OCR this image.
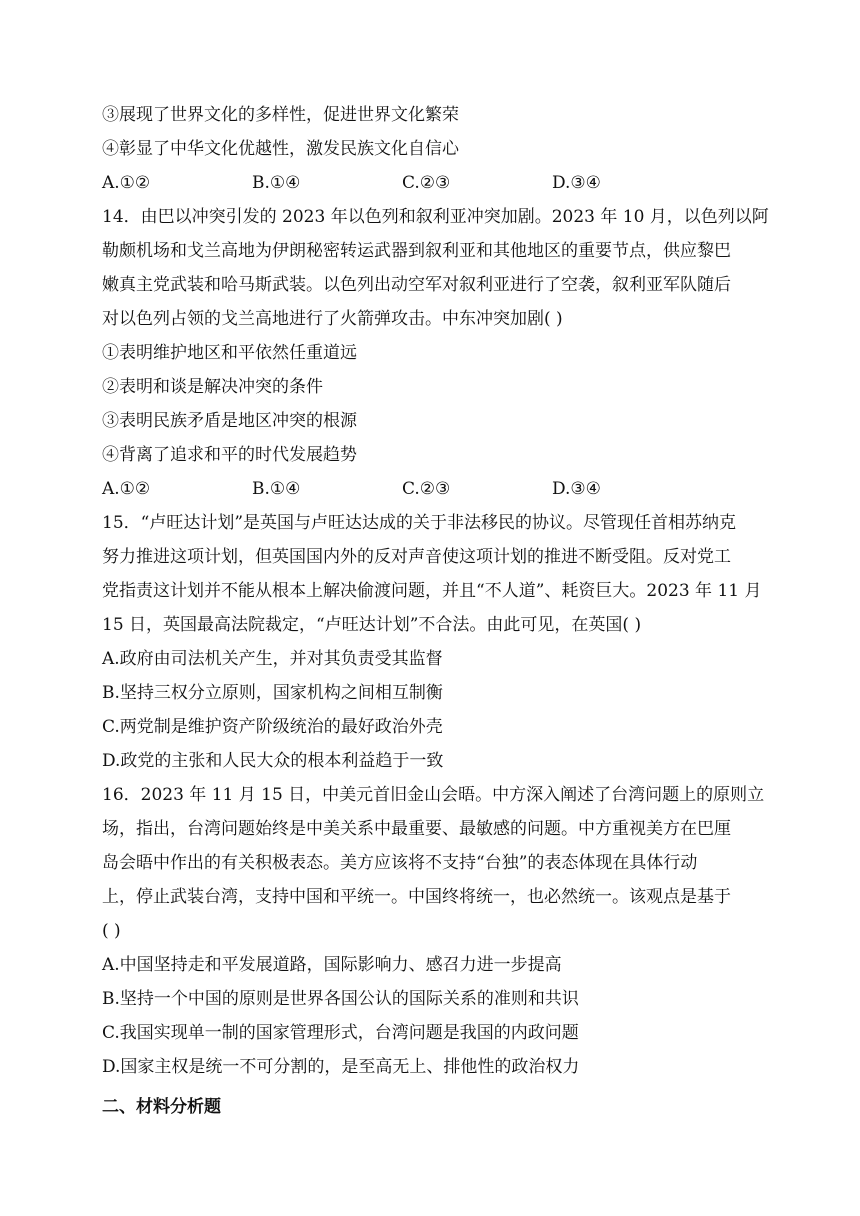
③展现了世界文化的多样性，促进世界文化繁荣

④彰显了中华文化优越性，激发民族文化自信心

A.①②	B.①④	C.②③	D.③④

14．由巴以冲突引发的 2023 年以色列和叙利亚冲突加剧。2023 年 10 月，以色列以阿

勒颇机场和戈兰高地为伊朗秘密转运武器到叙利亚和其他地区的重要节点，供应黎巴

嫩真主党武装和哈马斯武装。以色列出动空军对叙利亚进行了空袭，叙利亚军队随后

对以色列占领的戈兰高地进行了火箭弹攻击。中东冲突加剧( )

①表明维护地区和平依然任重道远

②表明和谈是解决冲突的条件

③表明民族矛盾是地区冲突的根源

④背离了追求和平的时代发展趋势

A.①②	B.①④	C.②③	D.③④

15．“卢旺达计划”是英国与卢旺达达成的关于非法移民的协议。尽管现任首相苏纳克

努力推进这项计划，但英国国内外的反对声音使这项计划的推进不断受阻。反对党工

党指责这计划并不能从根本上解决偷渡问题，并且“不人道”、耗资巨大。2023 年 11 月

15 日，英国最高法院裁定，“卢旺达计划”不合法。由此可见，在英国( )

A.政府由司法机关产生，并对其负责受其监督

B.坚持三权分立原则，国家机构之间相互制衡

C.两党制是维护资产阶级统治的最好政治外壳

D.政党的主张和人民大众的根本利益趋于一致

16．2023 年 11 月 15 日，中美元首旧金山会晤。中方深入阐述了台湾问题上的原则立

场，指出，台湾问题始终是中美关系中最重要、最敏感的问题。中方重视美方在巴厘

岛会晤中作出的有关积极表态。美方应该将不支持“台独”的表态体现在具体行动

上，停止武装台湾，支持中国和平统一。中国终将统一，也必然统一。该观点是基于

( )

A.中国坚持走和平发展道路，国际影响力、感召力进一步提高

B.坚持一个中国的原则是世界各国公认的国际关系的准则和共识

C.我国实现单一制的国家管理形式，台湾问题是我国的内政问题

D.国家主权是统一不可分割的，是至高无上、排他性的政治权力

二、材料分析题
